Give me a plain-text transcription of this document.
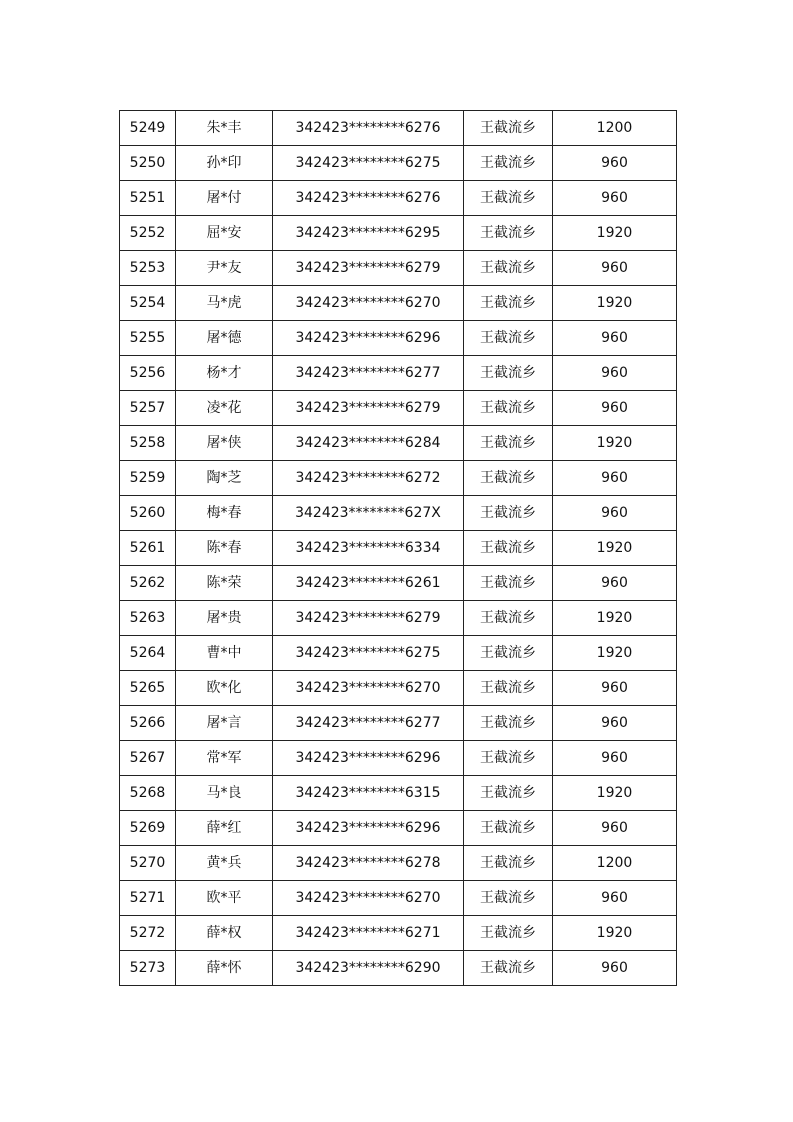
5249	朱*丰	342423********6276	王截流乡	1200
5250	孙*印	342423********6275	王截流乡	960
5251	屠*付	342423********6276	王截流乡	960
5252	屈*安	342423********6295	王截流乡	1920
5253	尹*友	342423********6279	王截流乡	960
5254	马*虎	342423********6270	王截流乡	1920
5255	屠*德	342423********6296	王截流乡	960
5256	杨*才	342423********6277	王截流乡	960
5257	凌*花	342423********6279	王截流乡	960
5258	屠*侠	342423********6284	王截流乡	1920
5259	陶*芝	342423********6272	王截流乡	960
5260	梅*春	342423********627X	王截流乡	960
5261	陈*春	342423********6334	王截流乡	1920
5262	陈*荣	342423********6261	王截流乡	960
5263	屠*贵	342423********6279	王截流乡	1920
5264	曹*中	342423********6275	王截流乡	1920
5265	欧*化	342423********6270	王截流乡	960
5266	屠*言	342423********6277	王截流乡	960
5267	常*军	342423********6296	王截流乡	960
5268	马*良	342423********6315	王截流乡	1920
5269	薛*红	342423********6296	王截流乡	960
5270	黄*兵	342423********6278	王截流乡	1200
5271	欧*平	342423********6270	王截流乡	960
5272	薛*权	342423********6271	王截流乡	1920
5273	薛*怀	342423********6290	王截流乡	960
